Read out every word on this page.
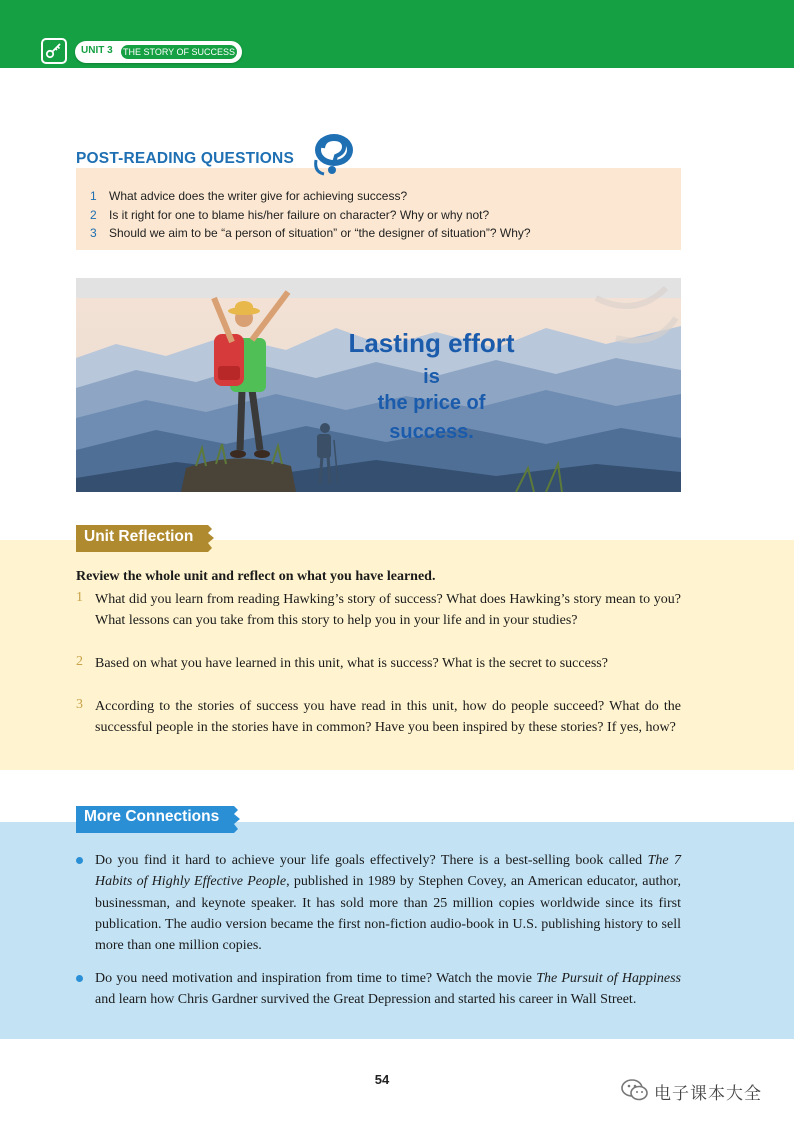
UNIT 3 THE STORY OF SUCCESS
POST-READING QUESTIONS
1 What advice does the writer give for achieving success?
2 Is it right for one to blame his/her failure on character? Why or why not?
3 Should we aim to be “a person of situation” or “the designer of situation”? Why?
Lasting effort
is
the price of
success.
Unit Reflection
Review the whole unit and reflect on what you have learned.
1 What did you learn from reading Hawking’s story of success? What does Hawking’s story mean to you? What lessons can you take from this story to help you in your life and in your studies?
2 Based on what you have learned in this unit, what is success? What is the secret to success?
3 According to the stories of success you have read in this unit, how do people succeed? What do the successful people in the stories have in common? Have you been inspired by these stories? If yes, how?
More Connections
Do you find it hard to achieve your life goals effectively? There is a best-selling book called The 7 Habits of Highly Effective People, published in 1989 by Stephen Covey, an American educator, author, businessman, and keynote speaker. It has sold more than 25 million copies worldwide since its first publication. The audio version became the first non-fiction audio-book in U.S. publishing history to sell more than one million copies.
Do you need motivation and inspiration from time to time? Watch the movie The Pursuit of Happiness and learn how Chris Gardner survived the Great Depression and started his career in Wall Street.
54
电子课本大全
